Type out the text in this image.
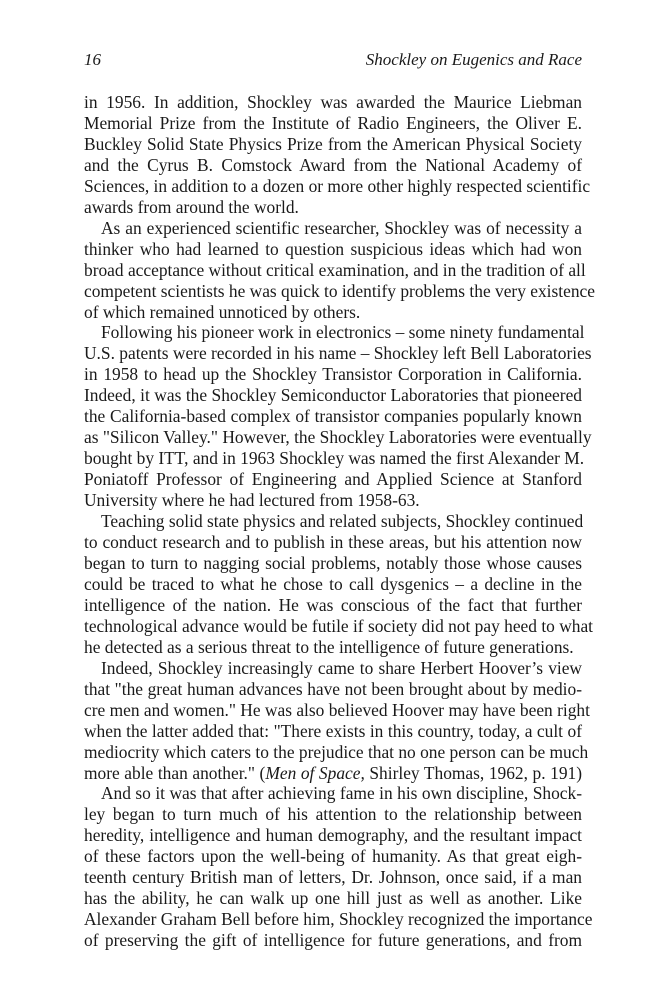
16	Shockley on Eugenics and Race
in 1956. In addition, Shockley was awarded the Maurice Liebman
Memorial Prize from the Institute of Radio Engineers, the Oliver E.
Buckley Solid State Physics Prize from the American Physical Society
and the Cyrus B. Comstock Award from the National Academy of
Sciences, in addition to a dozen or more other highly respected scientific
awards from around the world.
As an experienced scientific researcher, Shockley was of necessity a
thinker who had learned to question suspicious ideas which had won
broad acceptance without critical examination, and in the tradition of all
competent scientists he was quick to identify problems the very existence
of which remained unnoticed by others.
Following his pioneer work in electronics – some ninety fundamental
U.S. patents were recorded in his name – Shockley left Bell Laboratories
in 1958 to head up the Shockley Transistor Corporation in California.
Indeed, it was the Shockley Semiconductor Laboratories that pioneered
the California-based complex of transistor companies popularly known
as "Silicon Valley." However, the Shockley Laboratories were eventually
bought by ITT, and in 1963 Shockley was named the first Alexander M.
Poniatoff Professor of Engineering and Applied Science at Stanford
University where he had lectured from 1958-63.
Teaching solid state physics and related subjects, Shockley continued
to conduct research and to publish in these areas, but his attention now
began to turn to nagging social problems, notably those whose causes
could be traced to what he chose to call dysgenics – a decline in the
intelligence of the nation. He was conscious of the fact that further
technological advance would be futile if society did not pay heed to what
he detected as a serious threat to the intelligence of future generations.
Indeed, Shockley increasingly came to share Herbert Hoover’s view
that "the great human advances have not been brought about by medio-
cre men and women." He was also believed Hoover may have been right
when the latter added that: "There exists in this country, today, a cult of
mediocrity which caters to the prejudice that no one person can be much
more able than another." (Men of Space, Shirley Thomas, 1962, p. 191)
And so it was that after achieving fame in his own discipline, Shock-
ley began to turn much of his attention to the relationship between
heredity, intelligence and human demography, and the resultant impact
of these factors upon the well-being of humanity. As that great eigh-
teenth century British man of letters, Dr. Johnson, once said, if a man
has the ability, he can walk up one hill just as well as another. Like
Alexander Graham Bell before him, Shockley recognized the importance
of preserving the gift of intelligence for future generations, and from
